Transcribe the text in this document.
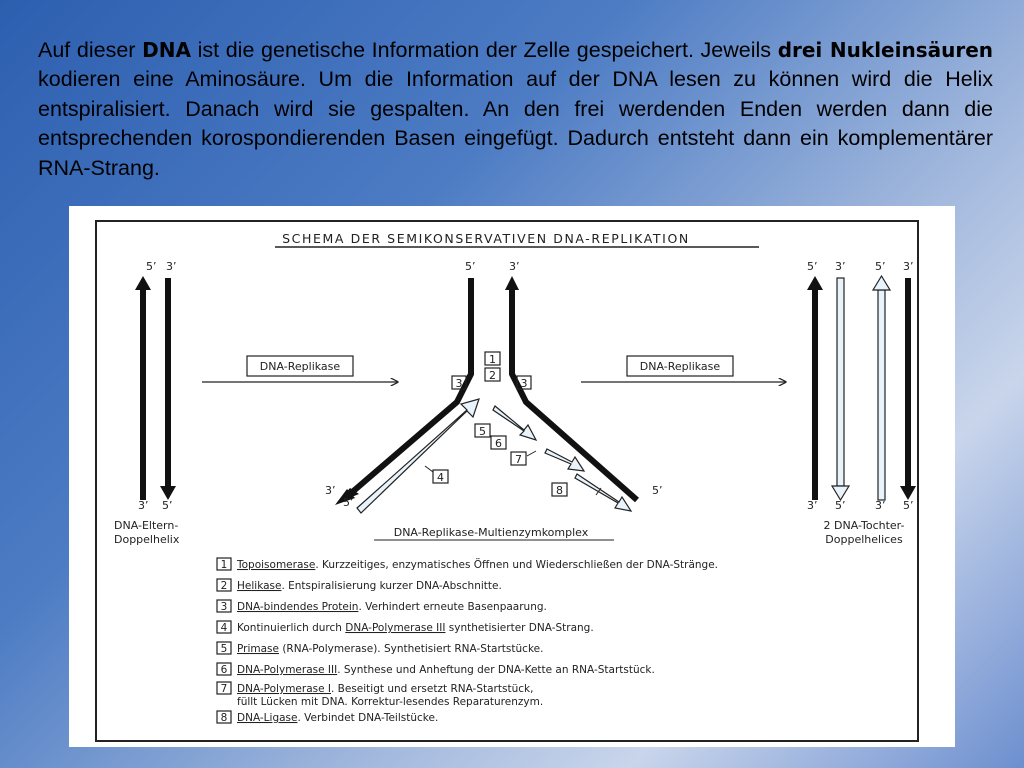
Auf dieser DNA ist die genetische Information der Zelle gespeichert. Jeweils drei Nukleinsäuren kodieren eine Aminosäure. Um die Information auf der DNA lesen zu können wird die Helix entspiralisiert. Danach wird sie gespalten. An den frei werdenden Enden werden dann die entsprechenden korospondierenden Basen eingefügt. Dadurch entsteht dann ein komplementärer RNA-Strang.

SCHEMA DER SEMIKONSERVATIVEN DNA-REPLIKATION
5’ 3’
3’ 5’
DNA-Eltern-
Doppelhelix
DNA-Replikase
5’	3’
3’
5’
5’
1
2
3	3
4
5
6
7
8
DNA-Replikase-Multienzymkomplex
DNA-Replikase
5’ 3’	5’ 3’
3’ 5’	3’ 5’
2 DNA-Tochter-
Doppelhelices
1 Topoisomerase. Kurzzeitiges, enzymatisches Öffnen und Wiederschließen der DNA-Stränge.
2 Helikase. Entspiralisierung kurzer DNA-Abschnitte.
3 DNA-bindendes Protein. Verhindert erneute Basenpaarung.
4 Kontinuierlich durch DNA-Polymerase III synthetisierter DNA-Strang.
5 Primase (RNA-Polymerase). Synthetisiert RNA-Startstücke.
6 DNA-Polymerase III. Synthese und Anheftung der DNA-Kette an RNA-Startstück.
7 DNA-Polymerase I. Beseitigt und ersetzt RNA-Startstück,
füllt Lücken mit DNA. Korrektur-lesendes Reparaturenzym.
8 DNA-Ligase. Verbindet DNA-Teilstücke.
